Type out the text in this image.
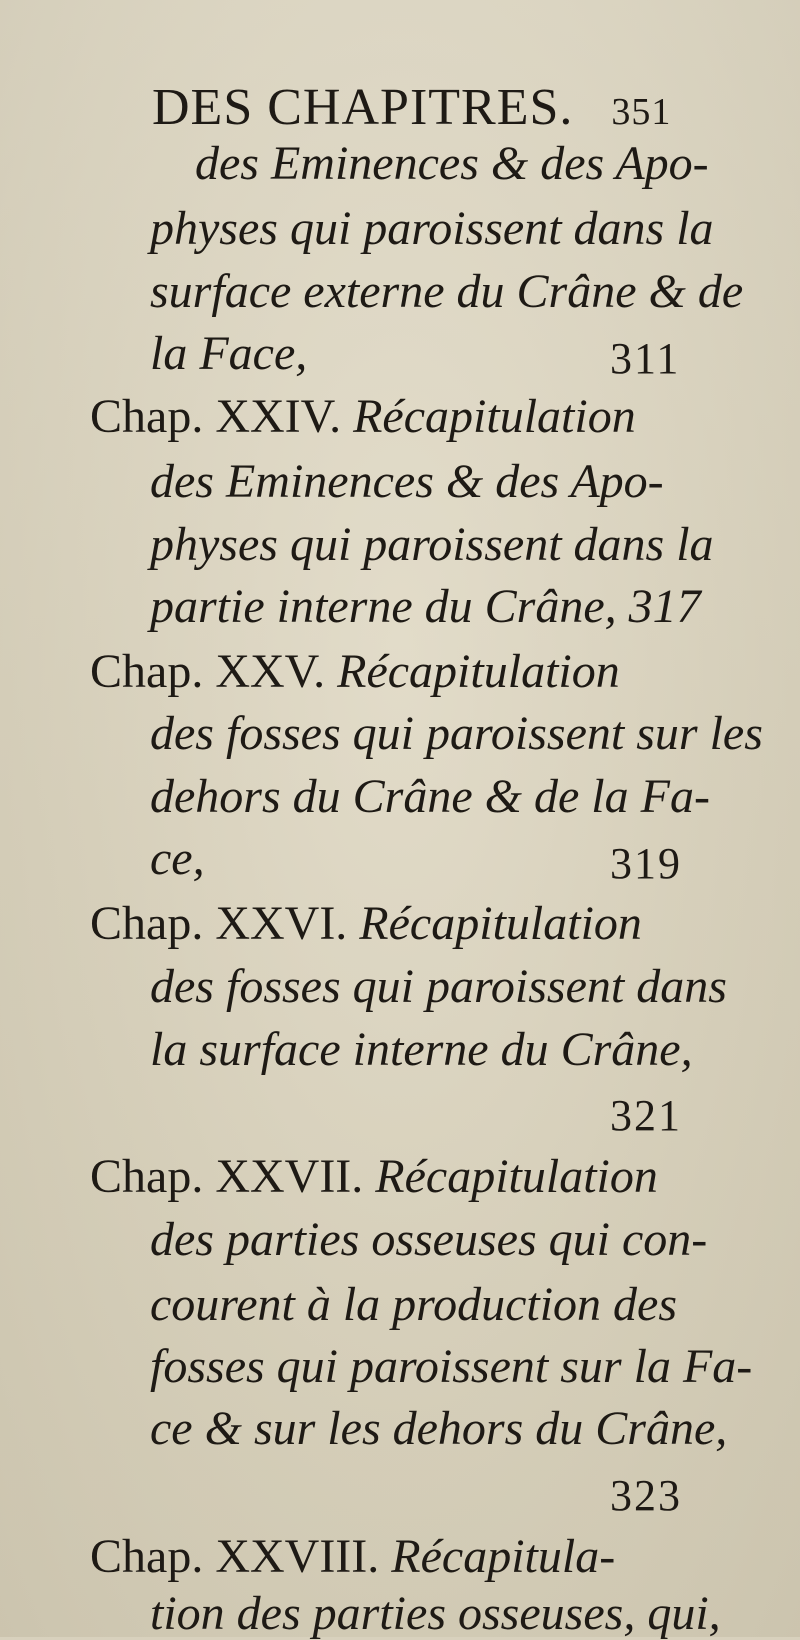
DES CHAPITRES. 351
des Eminences & des Apo-
physes qui paroissent dans la
surface externe du Crâne & de
la Face,	311
Chap. XXIV. Récapitulation
des Eminences & des Apo-
physes qui paroissent dans la
partie interne du Crâne, 317
Chap. XXV. Récapitulation
des fosses qui paroissent sur les
dehors du Crâne & de la Fa-
ce,	319
Chap. XXVI. Récapitulation
des fosses qui paroissent dans
la surface interne du Crâne,
321
Chap. XXVII. Récapitulation
des parties osseuses qui con-
courent à la production des
fosses qui paroissent sur la Fa-
ce & sur les dehors du Crâne,
323
Chap. XXVIII. Récapitula-
tion des parties osseuses, qui,
